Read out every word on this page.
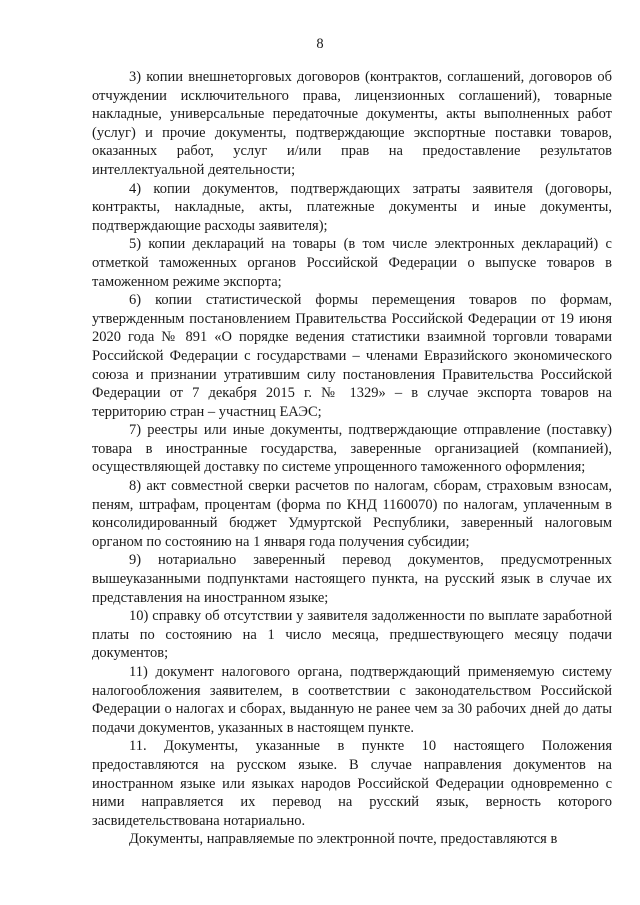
8

3) копии внешнеторговых договоров (контрактов, соглашений, договоров об отчуждении исключительного права, лицензионных соглашений), товарные накладные, универсальные передаточные документы, акты выполненных работ (услуг) и прочие документы, подтверждающие экспортные поставки товаров, оказанных работ, услуг и/или прав на предоставление результатов интеллектуальной деятельности;

4) копии документов, подтверждающих затраты заявителя (договоры, контракты, накладные, акты, платежные документы и иные документы, подтверждающие расходы заявителя);

5) копии деклараций на товары (в том числе электронных деклараций) с отметкой таможенных органов Российской Федерации о выпуске товаров в таможенном режиме экспорта;

6) копии статистической формы перемещения товаров по формам, утвержденным постановлением Правительства Российской Федерации от 19 июня 2020 года № 891 «О порядке ведения статистики взаимной торговли товарами Российской Федерации с государствами – членами Евразийского экономического союза и признании утратившим силу постановления Правительства Российской Федерации от 7 декабря 2015 г. № 1329» – в случае экспорта товаров на территорию стран – участниц ЕАЭС;

7) реестры или иные документы, подтверждающие отправление (поставку) товара в иностранные государства, заверенные организацией (компанией), осуществляющей доставку по системе упрощенного таможенного оформления;

8) акт совместной сверки расчетов по налогам, сборам, страховым взносам, пеням, штрафам, процентам (форма по КНД 1160070) по налогам, уплаченным в консолидированный бюджет Удмуртской Республики, заверенный налоговым органом по состоянию на 1 января года получения субсидии;

9) нотариально заверенный перевод документов, предусмотренных вышеуказанными подпунктами настоящего пункта, на русский язык в случае их представления на иностранном языке;

10) справку об отсутствии у заявителя задолженности по выплате заработной платы по состоянию на 1 число месяца, предшествующего месяцу подачи документов;

11) документ налогового органа, подтверждающий применяемую систему налогообложения заявителем, в соответствии с законодательством Российской Федерации о налогах и сборах, выданную не ранее чем за 30 рабочих дней до даты подачи документов, указанных в настоящем пункте.

11. Документы, указанные в пункте 10 настоящего Положения предоставляются на русском языке. В случае направления документов на иностранном языке или языках народов Российской Федерации одновременно с ними направляется их перевод на русский язык, верность которого засвидетельствована нотариально.

Документы, направляемые по электронной почте, предоставляются в
